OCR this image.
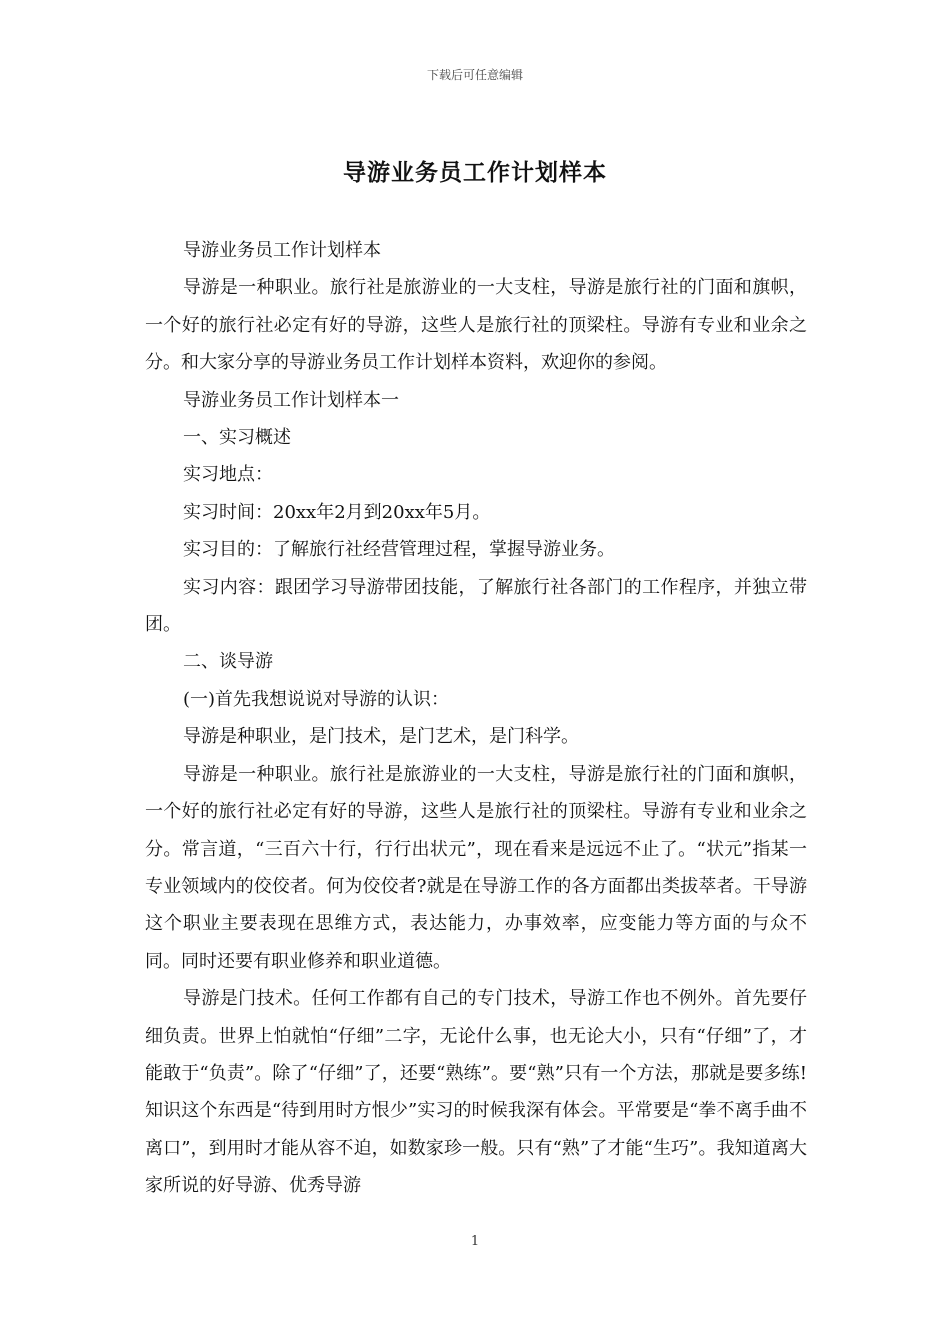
下载后可任意编辑
导游业务员工作计划样本

导游业务员工作计划样本

导游是一种职业。旅行社是旅游业的一大支柱，导游是旅行社的门面和旗帜，一个好的旅行社必定有好的导游，这些人是旅行社的顶梁柱。导游有专业和业余之分。和大家分享的导游业务员工作计划样本资料，欢迎你的参阅。

导游业务员工作计划样本一

一、实习概述

实习地点：

实习时间：20xx年2月到20xx年5月。

实习目的：了解旅行社经营管理过程，掌握导游业务。

实习内容：跟团学习导游带团技能，了解旅行社各部门的工作程序，并独立带团。

二、谈导游

(一)首先我想说说对导游的认识：

导游是种职业，是门技术，是门艺术，是门科学。

导游是一种职业。旅行社是旅游业的一大支柱，导游是旅行社的门面和旗帜，一个好的旅行社必定有好的导游，这些人是旅行社的顶梁柱。导游有专业和业余之分。常言道，“三百六十行，行行出状元”，现在看来是远远不止了。“状元”指某一专业领域内的佼佼者。何为佼佼者?就是在导游工作的各方面都出类拔萃者。干导游这个职业主要表现在思维方式，表达能力，办事效率，应变能力等方面的与众不同。同时还要有职业修养和职业道德。

导游是门技术。任何工作都有自己的专门技术，导游工作也不例外。首先要仔细负责。世界上怕就怕“仔细”二字，无论什么事，也无论大小，只有“仔细”了，才能敢于“负责”。除了“仔细”了，还要“熟练”。要“熟”只有一个方法，那就是要多练!知识这个东西是“待到用时方恨少”实习的时候我深有体会。平常要是“拳不离手曲不离口”，到用时才能从容不迫，如数家珍一般。只有“熟”了才能“生巧”。我知道离大家所说的好导游、优秀导游

1
